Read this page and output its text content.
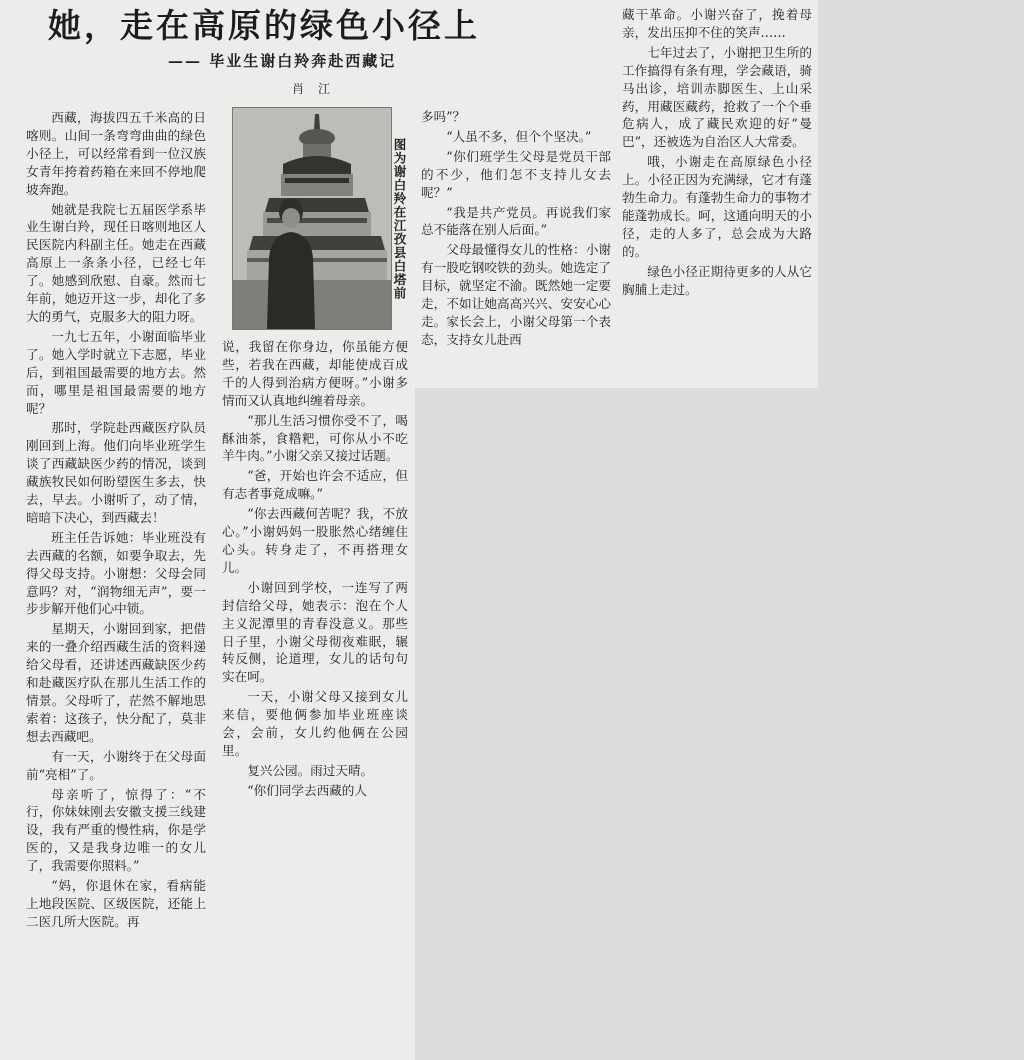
她，走在高原的绿色小径上
—— 毕业生谢白羚奔赴西藏记
肖江
图为谢白羚在江孜县白塔前

西藏，海拔四五千米高的日喀则。山间一条弯弯曲曲的绿色小径上，可以经常看到一位汉族女青年挎着药箱在来回不停地爬坡奔跑。

她就是我院七五届医学系毕业生谢白羚，现任日喀则地区人民医院内科副主任。她走在西藏高原上一条条小径，已经七年了。她感到欣慰、自豪。然而七年前，她迈开这一步，却化了多大的勇气，克服多大的阻力呀。

一九七五年，小谢面临毕业了。她入学时就立下志愿，毕业后，到祖国最需要的地方去。然而，哪里是祖国最需要的地方呢？

那时，学院赴西藏医疗队员刚回到上海。他们向毕业班学生谈了西藏缺医少药的情况，谈到藏族牧民如何盼望医生多去，快去，早去。小谢听了，动了情，暗暗下决心，到西藏去！

班主任告诉她：毕业班没有去西藏的名额，如要争取去，先得父母支持。小谢想：父母会同意吗？对，“润物细无声”，要一步步解开他们心中锁。

星期天，小谢回到家，把借来的一叠介绍西藏生活的资料递给父母看，还讲述西藏缺医少药和赴藏医疗队在那儿生活工作的情景。父母听了，茫然不解地思索着：这孩子，快分配了，莫非想去西藏吧。

有一天，小谢终于在父母面前“亮相”了。

母亲听了，惊得了：“不行，你妹妹刚去安徽支援三线建设，我有严重的慢性病，你是学医的，又是我身边唯一的女儿了，我需要你照料。”

“妈，你退休在家，看病能上地段医院、区级医院，还能上二医几所大医院。再

说，我留在你身边，你虽能方便些，若我在西藏，却能使成百成千的人得到治病方便呀。”小谢多情而又认真地纠缠着母亲。

“那儿生活习惯你受不了，喝酥油茶，食糌粑，可你从小不吃羊牛肉。”小谢父亲又接过话题。

“爸，开始也许会不适应，但有志者事竟成嘛。”

“你去西藏何苦呢？我，不放心。”小谢妈妈一股胀然心绪缠住心头。转身走了，不再搭理女儿。

小谢回到学校，一连写了两封信给父母，她表示：泡在个人主义泥潭里的青春没意义。那些日子里，小谢父母彻夜难眠，辗转反侧，论道理，女儿的话句句实在呵。

一天，小谢父母又接到女儿来信，要他俩参加毕业班座谈会，会前，女儿约他俩在公园里。

复兴公园。雨过天晴。

“你们同学去西藏的人

多吗”？

“人虽不多，但个个坚决。”

“你们班学生父母是党员干部的不少，他们怎不支持儿女去呢？”

“我是共产党员。再说我们家总不能落在别人后面。”

父母最懂得女儿的性格：小谢有一股吃钢咬铁的劲头。她选定了目标，就坚定不渝。既然她一定要走，不如让她高高兴兴、安安心心走。家长会上，小谢父母第一个表态，支持女儿赴西

藏干革命。小谢兴奋了，挽着母亲，发出压抑不住的笑声……

七年过去了，小谢把卫生所的工作搞得有条有理，学会藏语，骑马出诊，培训赤脚医生、上山采药，用藏医藏药，抢救了一个个垂危病人，成了藏民欢迎的好“曼巴”，还被选为自治区人大常委。

哦，小谢走在高原绿色小径上。小径正因为充满绿，它才有蓬勃生命力。有蓬勃生命力的事物才能蓬勃成长。呵，这通向明天的小径，走的人多了，总会成为大路的。

绿色小径正期待更多的人从它胸脯上走过。
